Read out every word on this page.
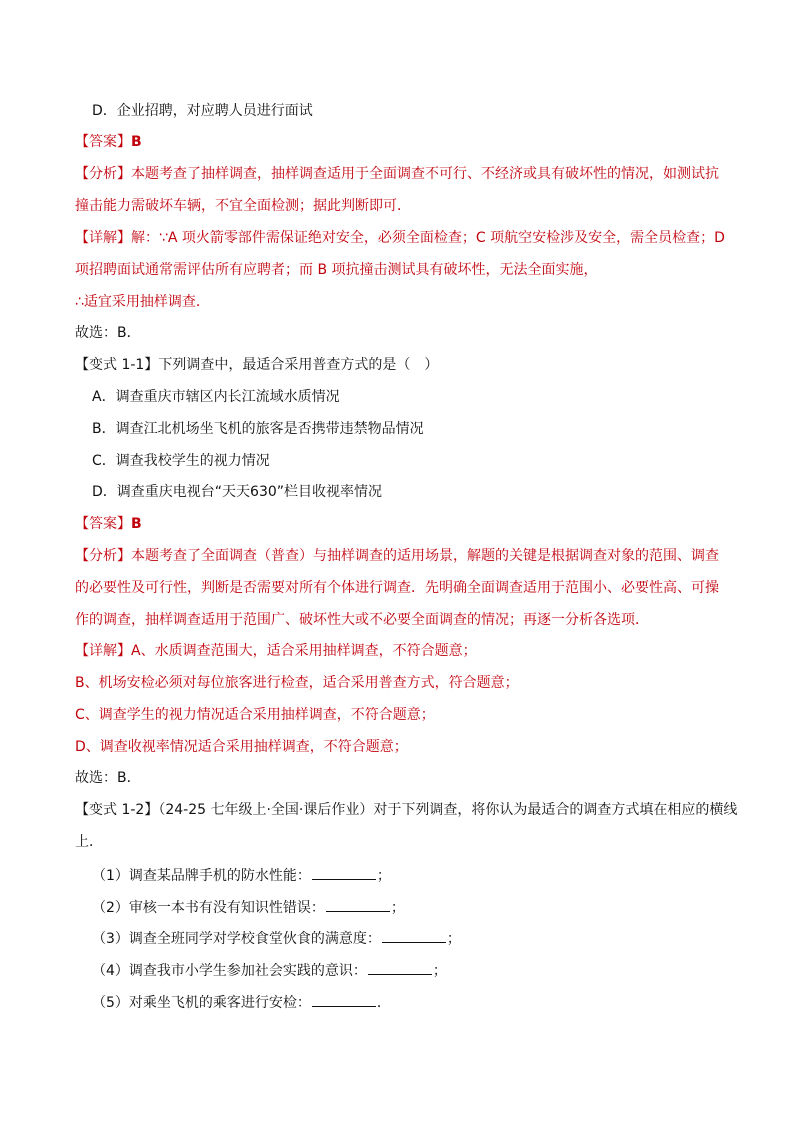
D．企业招聘，对应聘人员进行面试
【答案】B
【分析】本题考查了抽样调查，抽样调查适用于全面调查不可行、不经济或具有破坏性的情况，如测试抗
撞击能力需破坏车辆，不宜全面检测；据此判断即可．
【详解】解：∵A 项火箭零部件需保证绝对安全，必须全面检查；C 项航空安检涉及安全，需全员检查；D
项招聘面试通常需评估所有应聘者；而 B 项抗撞击测试具有破坏性，无法全面实施，
∴适宜采用抽样调查．
故选：B．
【变式 1-1】下列调查中，最适合采用普查方式的是（　）
A．调查重庆市辖区内长江流域水质情况
B．调查江北机场坐飞机的旅客是否携带违禁物品情况
C．调查我校学生的视力情况
D．调查重庆电视台“天天630”栏目收视率情况
【答案】B
【分析】本题考查了全面调查（普查）与抽样调查的适用场景，解题的关键是根据调查对象的范围、调查
的必要性及可行性，判断是否需要对所有个体进行调查．先明确全面调查适用于范围小、必要性高、可操
作的调查，抽样调查适用于范围广、破坏性大或不必要全面调查的情况；再逐一分析各选项．
【详解】A、水质调查范围大，适合采用抽样调查，不符合题意；
B、机场安检必须对每位旅客进行检查，适合采用普查方式，符合题意；
C、调查学生的视力情况适合采用抽样调查，不符合题意；
D、调查收视率情况适合采用抽样调查，不符合题意；
故选：B．
【变式 1-2】（24-25 七年级上·全国·课后作业）对于下列调查，将你认为最适合的调查方式填在相应的横线
上．
（1）调查某品牌手机的防水性能：	；
（2）审核一本书有没有知识性错误：	；
（3）调查全班同学对学校食堂伙食的满意度：	；
（4）调查我市小学生参加社会实践的意识：	；
（5）对乘坐飞机的乘客进行安检：	．
